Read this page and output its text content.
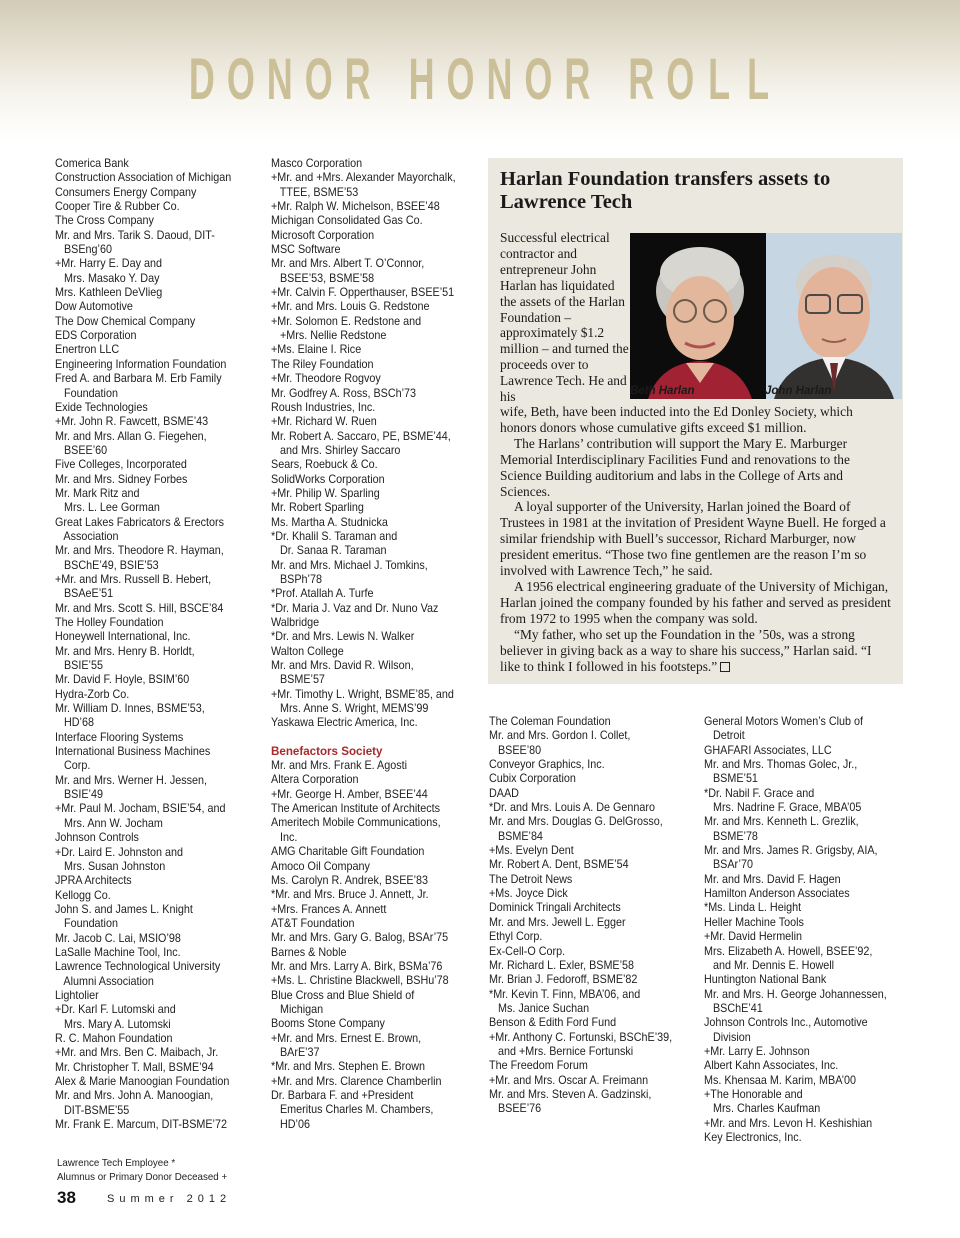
D O N O R H O N O R R O L L
Comerica Bank
Construction Association of Michigan
Consumers Energy Company
Cooper Tire & Rubber Co.
The Cross Company
Mr. and Mrs. Tarik S. Daoud, DIT-
BSEng’60
+Mr. Harry E. Day and
Mrs. Masako Y. Day
Mrs. Kathleen DeVlieg
Dow Automotive
The Dow Chemical Company
EDS Corporation
Enertron LLC
Engineering Information Foundation
Fred A. and Barbara M. Erb Family
Foundation
Exide Technologies
+Mr. John R. Fawcett, BSME’43
Mr. and Mrs. Allan G. Fiegehen,
BSEE’60
Five Colleges, Incorporated
Mr. and Mrs. Sidney Forbes
Mr. Mark Ritz and
Mrs. L. Lee Gorman
Great Lakes Fabricators & Erectors
Association
Mr. and Mrs. Theodore R. Hayman,
BSChE’49, BSIE’53
+Mr. and Mrs. Russell B. Hebert,
BSAeE’51
Mr. and Mrs. Scott S. Hill, BSCE’84
The Holley Foundation
Honeywell International, Inc.
Mr. and Mrs. Henry B. Horldt,
BSIE’55
Mr. David F. Hoyle, BSIM’60
Hydra-Zorb Co.
Mr. William D. Innes, BSME’53,
HD’68
Interface Flooring Systems
International Business Machines
Corp.
Mr. and Mrs. Werner H. Jessen,
BSIE’49
+Mr. Paul M. Jocham, BSIE’54, and
Mrs. Ann W. Jocham
Johnson Controls
+Dr. Laird E. Johnston and
Mrs. Susan Johnston
JPRA Architects
Kellogg Co.
John S. and James L. Knight
Foundation
Mr. Jacob C. Lai, MSIO’98
LaSalle Machine Tool, Inc.
Lawrence Technological University
Alumni Association
Lightolier
+Dr. Karl F. Lutomski and
Mrs. Mary A. Lutomski
R. C. Mahon Foundation
+Mr. and Mrs. Ben C. Maibach, Jr.
Mr. Christopher T. Mall, BSME’94
Alex & Marie Manoogian Foundation
Mr. and Mrs. John A. Manoogian,
DIT-BSME’55
Mr. Frank E. Marcum, DIT-BSME’72
Masco Corporation
+Mr. and +Mrs. Alexander Mayorchalk,
TTEE, BSME’53
+Mr. Ralph W. Michelson, BSEE’48
Michigan Consolidated Gas Co.
Microsoft Corporation
MSC Software
Mr. and Mrs. Albert T. O’Connor,
BSEE’53, BSME’58
+Mr. Calvin F. Opperthauser, BSEE’51
+Mr. and Mrs. Louis G. Redstone
+Mr. Solomon E. Redstone and
+Mrs. Nellie Redstone
+Ms. Elaine I. Rice
The Riley Foundation
+Mr. Theodore Rogvoy
Mr. Godfrey A. Ross, BSCh’73
Roush Industries, Inc.
+Mr. Richard W. Ruen
Mr. Robert A. Saccaro, PE, BSME’44,
and Mrs. Shirley Saccaro
Sears, Roebuck & Co.
SolidWorks Corporation
+Mr. Philip W. Sparling
Mr. Robert Sparling
Ms. Martha A. Studnicka
*Dr. Khalil S. Taraman and
Dr. Sanaa R. Taraman
Mr. and Mrs. Michael J. Tomkins,
BSPh’78
*Prof. Atallah A. Turfe
*Dr. Maria J. Vaz and Dr. Nuno Vaz
Walbridge
*Dr. and Mrs. Lewis N. Walker
Walton College
Mr. and Mrs. David R. Wilson,
BSME’57
+Mr. Timothy L. Wright, BSME’85, and
Mrs. Anne S. Wright, MEMS’99
Yaskawa Electric America, Inc.
Benefactors Society
Mr. and Mrs. Frank E. Agosti
Altera Corporation
+Mr. George H. Amber, BSEE’44
The American Institute of Architects
Ameritech Mobile Communications,
Inc.
AMG Charitable Gift Foundation
Amoco Oil Company
Ms. Carolyn R. Andrek, BSEE’83
*Mr. and Mrs. Bruce J. Annett, Jr.
+Mrs. Frances A. Annett
AT&T Foundation
Mr. and Mrs. Gary G. Balog, BSAr’75
Barnes & Noble
Mr. and Mrs. Larry A. Birk, BSMa’76
+Ms. L. Christine Blackwell, BSHu’78
Blue Cross and Blue Shield of
Michigan
Booms Stone Company
+Mr. and Mrs. Ernest E. Brown,
BArE’37
*Mr. and Mrs. Stephen E. Brown
+Mr. and Mrs. Clarence Chamberlin
Dr. Barbara F. and +President
Emeritus Charles M. Chambers,
HD’06
The Coleman Foundation
Mr. and Mrs. Gordon I. Collet,
BSEE’80
Conveyor Graphics, Inc.
Cubix Corporation
DAAD
*Dr. and Mrs. Louis A. De Gennaro
Mr. and Mrs. Douglas G. DelGrosso,
BSME’84
+Ms. Evelyn Dent
Mr. Robert A. Dent, BSME’54
The Detroit News
+Ms. Joyce Dick
Dominick Tringali Architects
Mr. and Mrs. Jewell L. Egger
Ethyl Corp.
Ex-Cell-O Corp.
Mr. Richard L. Exler, BSME’58
Mr. Brian J. Fedoroff, BSME’82
*Mr. Kevin T. Finn, MBA’06, and
Ms. Janice Suchan
Benson & Edith Ford Fund
+Mr. Anthony C. Fortunski, BSChE’39,
and +Mrs. Bernice Fortunski
The Freedom Forum
+Mr. and Mrs. Oscar A. Freimann
Mr. and Mrs. Steven A. Gadzinski,
BSEE’76
General Motors Women’s Club of
Detroit
GHAFARI Associates, LLC
Mr. and Mrs. Thomas Golec, Jr.,
BSME’51
*Dr. Nabil F. Grace and
Mrs. Nadrine F. Grace, MBA’05
Mr. and Mrs. Kenneth L. Grezlik,
BSME’78
Mr. and Mrs. James R. Grigsby, AIA,
BSAr’70
Mr. and Mrs. David F. Hagen
Hamilton Anderson Associates
*Ms. Linda L. Height
Heller Machine Tools
+Mr. David Hermelin
Mrs. Elizabeth A. Howell, BSEE’92,
and Mr. Dennis E. Howell
Huntington National Bank
Mr. and Mrs. H. George Johannessen,
BSChE’41
Johnson Controls Inc., Automotive
Division
+Mr. Larry E. Johnson
Albert Kahn Associates, Inc.
Ms. Khensaa M. Karim, MBA’00
+The Honorable and
Mrs. Charles Kaufman
+Mr. and Mrs. Levon H. Keshishian
Key Electronics, Inc.
Harlan Foundation transfers assets to Lawrence Tech
Successful electrical contractor and entrepreneur John Harlan has liquidated the assets of the Harlan Foundation – approximately $1.2 million – and turned the proceeds over to Lawrence Tech. He and his	Beth Harlan	John Harlan

wife, Beth, have been inducted into the Ed Donley Society, which honors donors whose cumulative gifts exceed $1 million.

The Harlans’ contribution will support the Mary E. Marburger Memorial Interdisciplinary Facilities Fund and renovations to the Science Building auditorium and labs in the College of Arts and Sciences.

A loyal supporter of the University, Harlan joined the Board of Trustees in 1981 at the invitation of President Wayne Buell. He forged a similar friendship with Buell’s successor, Richard Marburger, now president emeritus. “Those two fine gentlemen are the reason I’m so involved with Lawrence Tech,” he said.

A 1956 electrical engineering graduate of the University of Michigan, Harlan joined the company founded by his father and served as president from 1972 to 1995 when the company was sold.

“My father, who set up the Foundation in the ’50s, was a strong believer in giving back as a way to share his success,” Harlan said. “I like to think I followed in his footsteps.”

Lawrence Tech Employee *
Alumnus or Primary Donor Deceased +
38	Summer 2012
